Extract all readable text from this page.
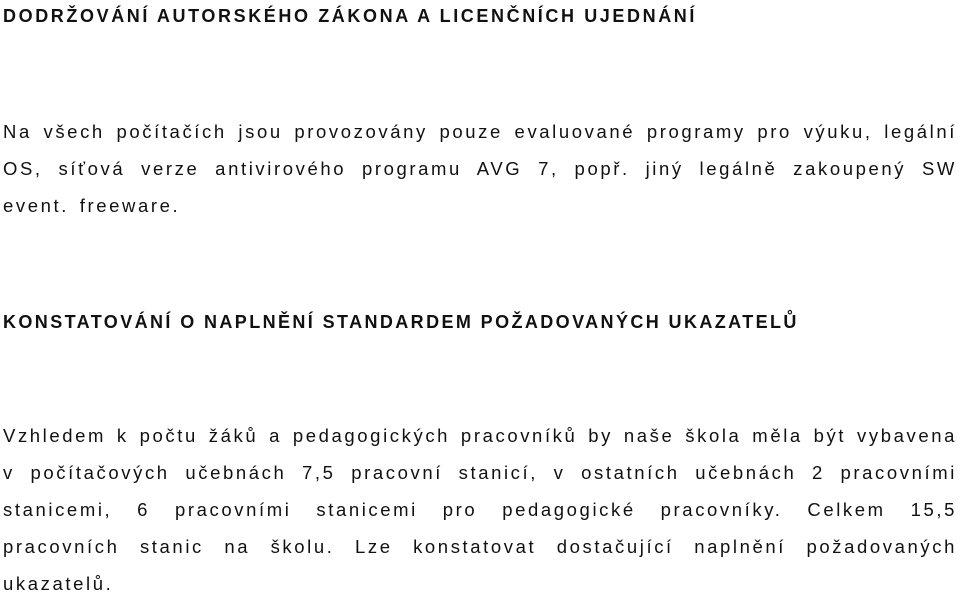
DODRŽOVÁNÍ AUTORSKÉHO ZÁKONA A LICENČNÍCH UJEDNÁNÍ

Na všech počítačích jsou provozovány pouze evaluované programy pro výuku, legální OS, síťová verze antivirového programu AVG 7, popř. jiný legálně zakoupený SW event. freeware.

KONSTATOVÁNÍ O NAPLNĚNÍ STANDARDEM POŽADOVANÝCH UKAZATELŮ

Vzhledem k počtu žáků a pedagogických pracovníků by naše škola měla být vybavena v počítačových učebnách 7,5 pracovní stanicí, v ostatních učebnách 2 pracovními stanicemi, 6 pracovními stanicemi pro pedagogické pracovníky. Celkem 15,5 pracovních stanic na školu. Lze konstatovat dostačující naplnění požadovaných ukazatelů.
